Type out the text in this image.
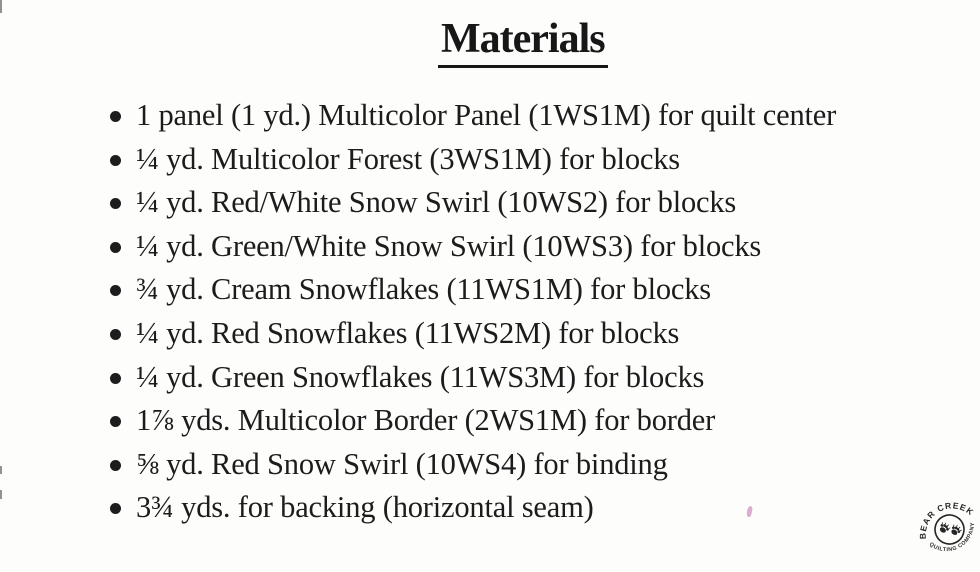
Materials
1 panel (1 yd.) Multicolor Panel (1WS1M) for quilt center
¼ yd. Multicolor Forest (3WS1M) for blocks
¼ yd. Red/White Snow Swirl (10WS2) for blocks
¼ yd. Green/White Snow Swirl (10WS3) for blocks
¾ yd. Cream Snowflakes (11WS1M) for blocks
¼ yd. Red Snowflakes (11WS2M) for blocks
¼ yd. Green Snowflakes (11WS3M) for blocks
1⅞ yds. Multicolor Border (2WS1M) for border
⅝ yd. Red Snow Swirl (10WS4) for binding
3¾ yds. for backing (horizontal seam)
BEAR CREEK
QUILTING COMPANY
